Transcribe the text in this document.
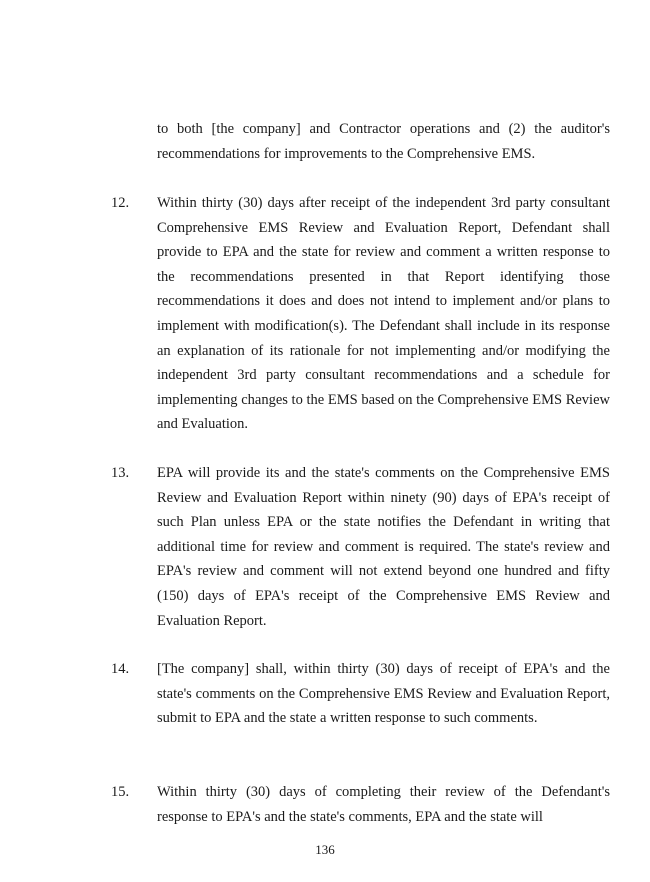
to both [the company] and Contractor operations and (2) the auditor's recommendations for improvements to the Comprehensive EMS.
12. Within thirty (30) days after receipt of the independent 3rd party consultant Comprehensive EMS Review and Evaluation Report, Defendant shall provide to EPA and the state for review and comment a written response to the recommendations presented in that Report identifying those recommendations it does and does not intend to implement and/or plans to implement with modification(s). The Defendant shall include in its response an explanation of its rationale for not implementing and/or modifying the independent 3rd party consultant recommendations and a schedule for implementing changes to the EMS based on the Comprehensive EMS Review and Evaluation.
13. EPA will provide its and the state's comments on the Comprehensive EMS Review and Evaluation Report within ninety (90) days of EPA's receipt of such Plan unless EPA or the state notifies the Defendant in writing that additional time for review and comment is required. The state's review and EPA's review and comment will not extend beyond one hundred and fifty (150) days of EPA's receipt of the Comprehensive EMS Review and Evaluation Report.
14. [The company] shall, within thirty (30) days of receipt of EPA's and the state's comments on the Comprehensive EMS Review and Evaluation Report, submit to EPA and the state a written response to such comments.
15. Within thirty (30) days of completing their review of the Defendant's response to EPA's and the state's comments, EPA and the state will
136
